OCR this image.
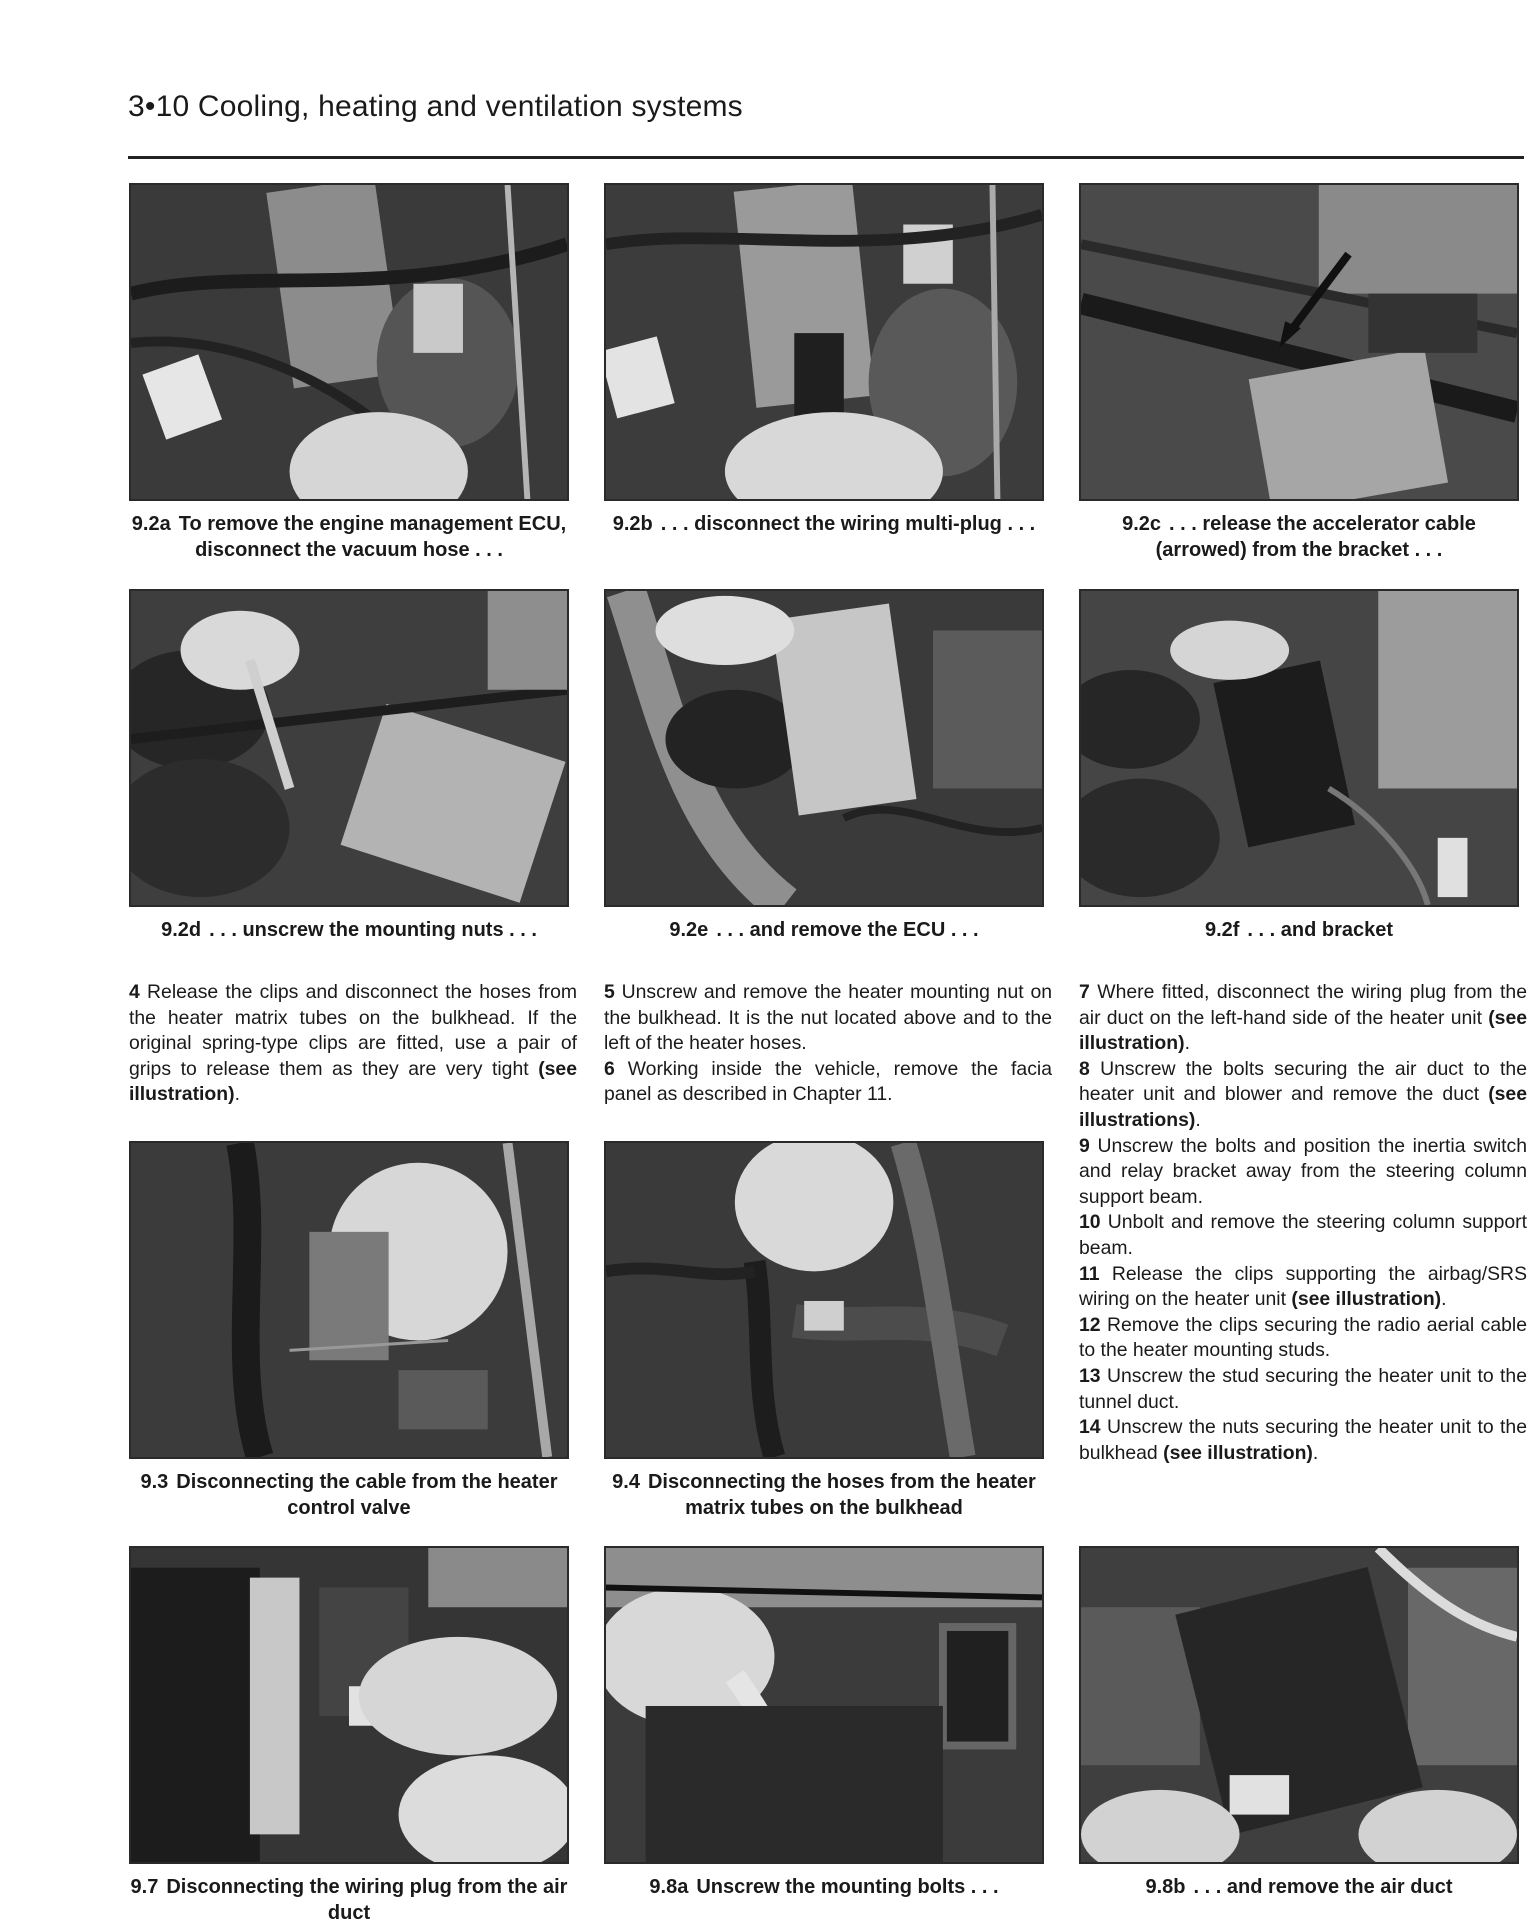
3•10 Cooling, heating and ventilation systems
9.2a To remove the engine management ECU, disconnect the vacuum hose . . .
9.2b . . . disconnect the wiring multi-plug . . .	9.2c . . . release the accelerator cable (arrowed) from the bracket . . .
9.2d . . . unscrew the mounting nuts . . .	9.2e . . . and remove the ECU . . .	9.2f . . . and bracket

4 Release the clips and disconnect the hoses from the heater matrix tubes on the bulkhead. If the original spring-type clips are fitted, use a pair of grips to release them as they are very tight (see illustration).

5 Unscrew and remove the heater mounting nut on the bulkhead. It is the nut located above and to the left of the heater hoses.

6 Working inside the vehicle, remove the facia panel as described in Chapter 11.

7 Where fitted, disconnect the wiring plug from the air duct on the left-hand side of the heater unit (see illustration).

8 Unscrew the bolts securing the air duct to the heater unit and blower and remove the duct (see illustrations).

9 Unscrew the bolts and position the inertia switch and relay bracket away from the steering column support beam.

10 Unbolt and remove the steering column support beam.

11 Release the clips supporting the airbag/SRS wiring on the heater unit (see illustration).

12 Remove the clips securing the radio aerial cable to the heater mounting studs.

13 Unscrew the stud securing the heater unit to the tunnel duct.

14 Unscrew the nuts securing the heater unit to the bulkhead (see illustration).

9.3 Disconnecting the cable from the heater control valve
9.4 Disconnecting the hoses from the heater matrix tubes on the bulkhead
9.7 Disconnecting the wiring plug from the air duct
9.8a Unscrew the mounting bolts . . .	9.8b . . . and remove the air duct
